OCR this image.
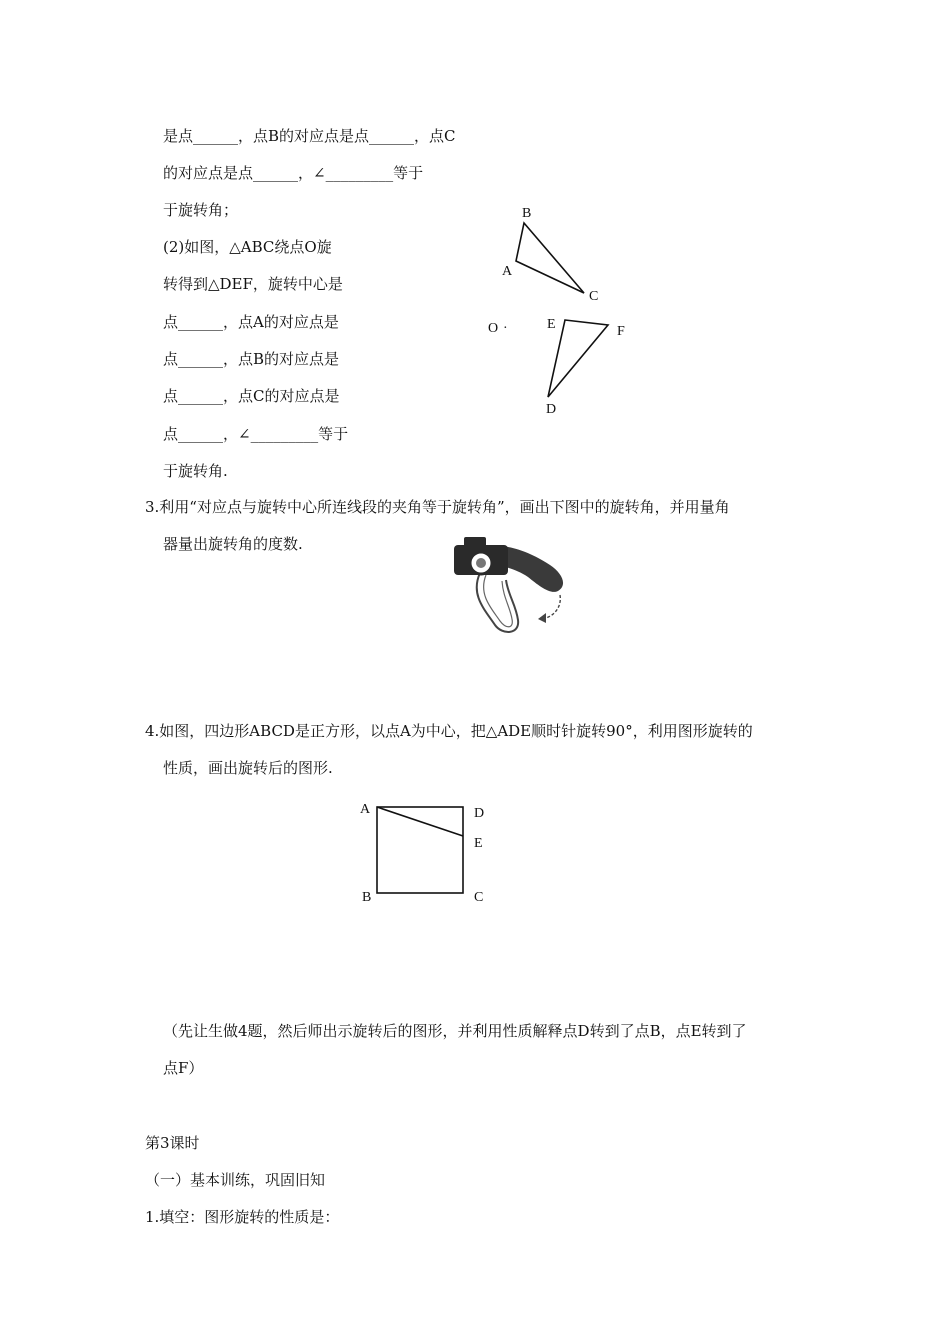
是点______，点B的对应点是点______，点C
的对应点是点______，∠_________等于
于旋转角；
(2)如图，△ABC绕点O旋
转得到△DEF，旋转中心是
点______，点A的对应点是
点______，点B的对应点是
点______，点C的对应点是
点______，∠_________等于
于旋转角.
B
A
C
O ·	E	F
D
3.利用“对应点与旋转中心所连线段的夹角等于旋转角”，画出下图中的旋转角，并用量角
器量出旋转角的度数.
4.如图，四边形ABCD是正方形，以点A为中心，把△ADE顺时针旋转90°，利用图形旋转的
性质，画出旋转后的图形.
A	D
E
B	C
（先让生做4题，然后师出示旋转后的图形，并利用性质解释点D转到了点B，点E转到了
点F）
第3课时
（一）基本训练，巩固旧知
1.填空：图形旋转的性质是：
